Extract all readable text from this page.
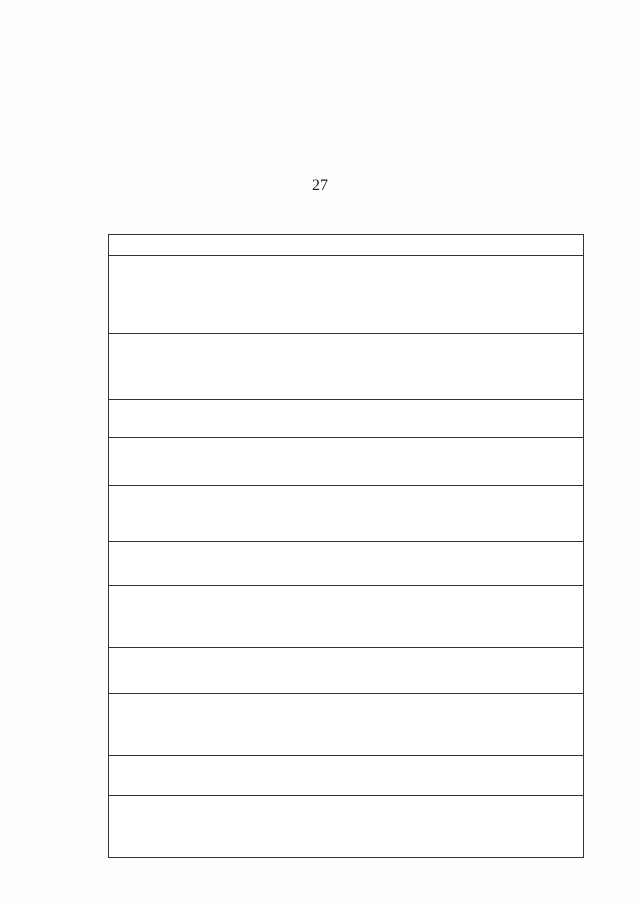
27
